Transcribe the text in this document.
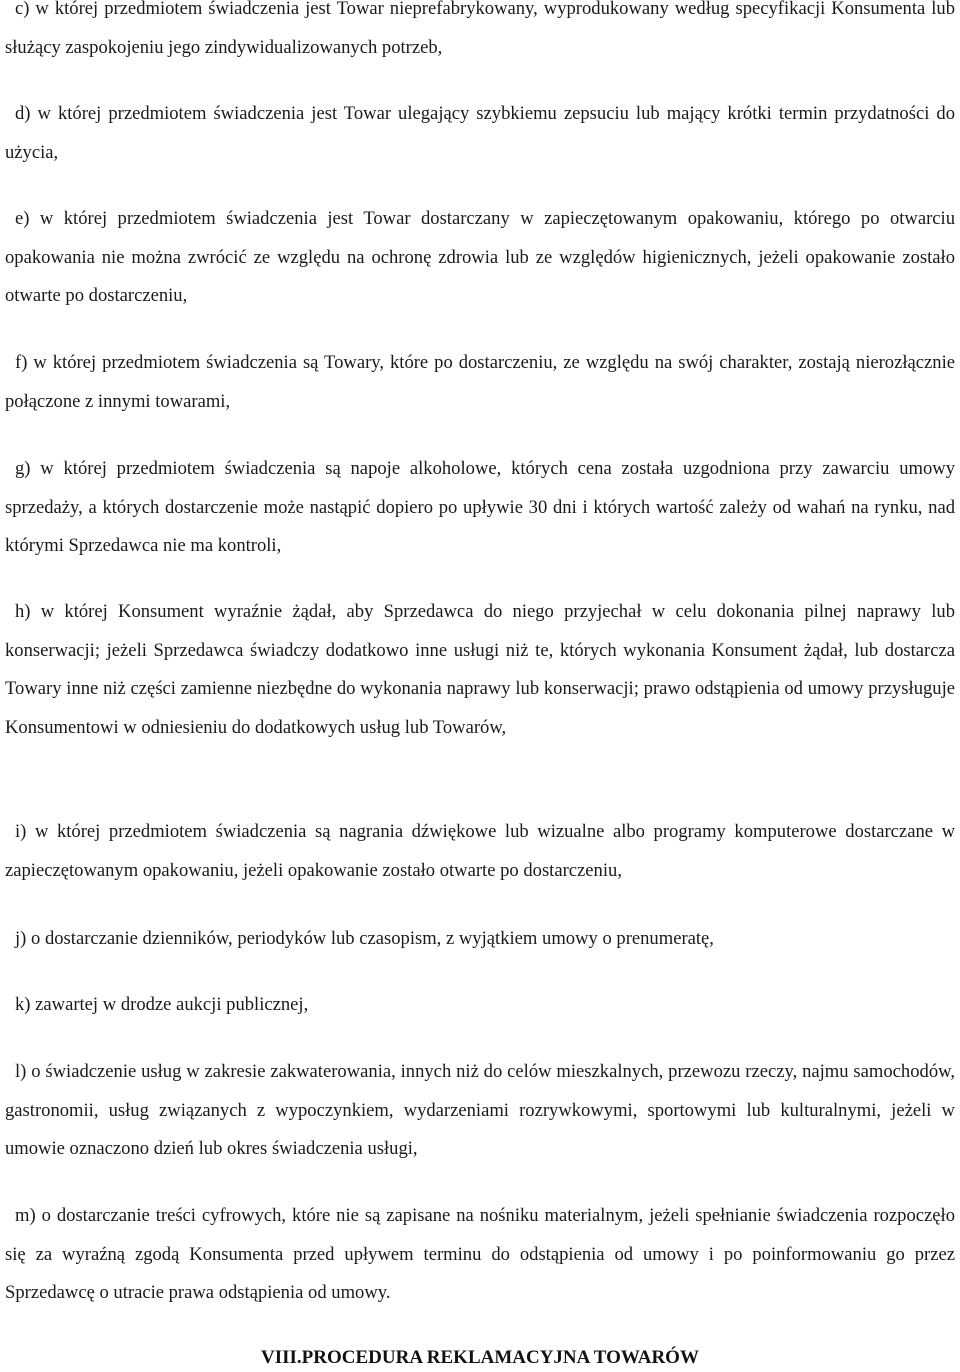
c) w której przedmiotem świadczenia jest Towar nieprefabrykowany, wyprodukowany według specyfikacji Konsumenta lub służący zaspokojeniu jego zindywidualizowanych potrzeb,

d) w której przedmiotem świadczenia jest Towar ulegający szybkiemu zepsuciu lub mający krótki termin przydatności do użycia,

e) w której przedmiotem świadczenia jest Towar dostarczany w zapieczętowanym opakowaniu, którego po otwarciu opakowania nie można zwrócić ze względu na ochronę zdrowia lub ze względów higienicznych, jeżeli opakowanie zostało otwarte po dostarczeniu,

f) w której przedmiotem świadczenia są Towary, które po dostarczeniu, ze względu na swój charakter, zostają nierozłącznie połączone z innymi towarami,

g) w której przedmiotem świadczenia są napoje alkoholowe, których cena została uzgodniona przy zawarciu umowy sprzedaży, a których dostarczenie może nastąpić dopiero po upływie 30 dni i których wartość zależy od wahań na rynku, nad którymi Sprzedawca nie ma kontroli,

h) w której Konsument wyraźnie żądał, aby Sprzedawca do niego przyjechał w celu dokonania pilnej naprawy lub konserwacji; jeżeli Sprzedawca świadczy dodatkowo inne usługi niż te, których wykonania Konsument żądał, lub dostarcza Towary inne niż części zamienne niezbędne do wykonania naprawy lub konserwacji; prawo odstąpienia od umowy przysługuje Konsumentowi w odniesieniu do dodatkowych usług lub Towarów,

i) w której przedmiotem świadczenia są nagrania dźwiękowe lub wizualne albo programy komputerowe dostarczane w zapieczętowanym opakowaniu, jeżeli opakowanie zostało otwarte po dostarczeniu,

j) o dostarczanie dzienników, periodyków lub czasopism, z wyjątkiem umowy o prenumeratę,

k) zawartej w drodze aukcji publicznej,

l) o świadczenie usług w zakresie zakwaterowania, innych niż do celów mieszkalnych, przewozu rzeczy, najmu samochodów, gastronomii, usług związanych z wypoczynkiem, wydarzeniami rozrywkowymi, sportowymi lub kulturalnymi, jeżeli w umowie oznaczono dzień lub okres świadczenia usługi,

m) o dostarczanie treści cyfrowych, które nie są zapisane na nośniku materialnym, jeżeli spełnianie świadczenia rozpoczęło się za wyraźną zgodą Konsumenta przed upływem terminu do odstąpienia od umowy i po poinformowaniu go przez Sprzedawcę o utracie prawa odstąpienia od umowy.

VIII.PROCEDURA REKLAMACYJNA TOWARÓW
